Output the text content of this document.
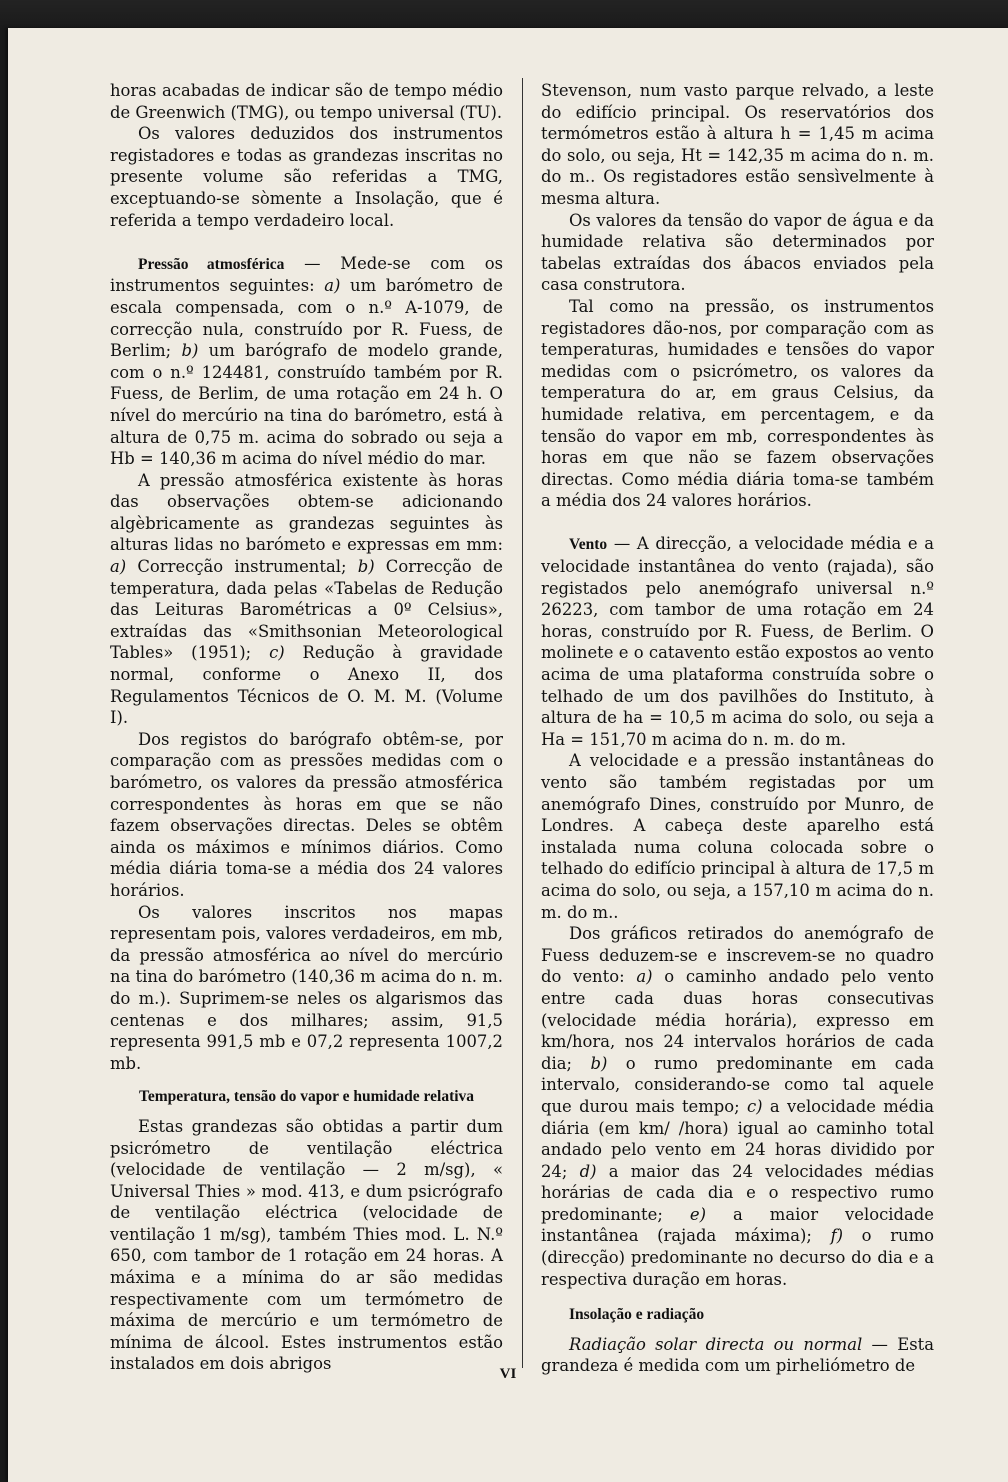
horas acabadas de indicar são de tempo médio de Greenwich (TMG), ou tempo universal (TU).

Os valores deduzidos dos instrumentos registadores e todas as grandezas inscritas no presente volume são referidas a TMG, exceptuando-se sòmente a Insolação, que é referida a tempo verdadeiro local.

Pressão atmosférica — Mede-se com os instrumentos seguintes: a) um barómetro de escala compensada, com o n.º A-1079, de correcção nula, construído por R. Fuess, de Berlim; b) um barógrafo de modelo grande, com o n.º 124481, construído também por R. Fuess, de Berlim, de uma rotação em 24 h. O nível do mercúrio na tina do barómetro, está à altura de 0,75 m. acima do sobrado ou seja a Hb = 140,36 m acima do nível médio do mar.

A pressão atmosférica existente às horas das observações obtem-se adicionando algèbricamente as grandezas seguintes às alturas lidas no barómeto e expressas em mm: a) Correcção instrumental; b) Correcção de temperatura, dada pelas «Tabelas de Redução das Leituras Barométricas a 0º Celsius», extraídas das «Smithsonian Meteorological Tables» (1951); c) Redução à gravidade normal, conforme o Anexo II, dos Regulamentos Técnicos de O. M. M. (Volume I).

Dos registos do barógrafo obtêm-se, por comparação com as pressões medidas com o barómetro, os valores da pressão atmosférica correspondentes às horas em que se não fazem observações directas. Deles se obtêm ainda os máximos e mínimos diários. Como média diária toma-se a média dos 24 valores horários.

Os valores inscritos nos mapas representam pois, valores verdadeiros, em mb, da pressão atmosférica ao nível do mercúrio na tina do barómetro (140,36 m acima do n. m. do m.). Suprimem-se neles os algarismos das centenas e dos milhares; assim, 91,5 representa 991,5 mb e 07,2 representa 1007,2 mb.

Temperatura, tensão do vapor e humidade relativa

Estas grandezas são obtidas a partir dum psicrómetro de ventilação eléctrica (velocidade de ventilação — 2 m/sg), « Universal Thies » mod. 413, e dum psicrógrafo de ventilação eléctrica (velocidade de ventilação 1 m/sg), também Thies mod. L. N.º 650, com tambor de 1 rotação em 24 horas. A máxima e a mínima do ar são medidas respectivamente com um termómetro de máxima de mercúrio e um termómetro de mínima de álcool. Estes instrumentos estão instalados em dois abrigos

Stevenson, num vasto parque relvado, a leste do edifício principal. Os reservatórios dos termómetros estão à altura h = 1,45 m acima do solo, ou seja, Ht = 142,35 m acima do n. m. do m.. Os registadores estão sensìvelmente à mesma altura.

Os valores da tensão do vapor de água e da humidade relativa são determinados por tabelas extraídas dos ábacos enviados pela casa construtora.

Tal como na pressão, os instrumentos registadores dão-nos, por comparação com as temperaturas, humidades e tensões do vapor medidas com o psicrómetro, os valores da temperatura do ar, em graus Celsius, da humidade relativa, em percentagem, e da tensão do vapor em mb, correspondentes às horas em que não se fazem observações directas. Como média diária toma-se também a média dos 24 valores horários.

Vento — A direcção, a velocidade média e a velocidade instantânea do vento (rajada), são registados pelo anemógrafo universal n.º 26223, com tambor de uma rotação em 24 horas, construído por R. Fuess, de Berlim. O molinete e o catavento estão expostos ao vento acima de uma plataforma construída sobre o telhado de um dos pavilhões do Instituto, à altura de ha = 10,5 m acima do solo, ou seja a Ha = 151,70 m acima do n. m. do m.

A velocidade e a pressão instantâneas do vento são também registadas por um anemógrafo Dines, construído por Munro, de Londres. A cabeça deste aparelho está instalada numa coluna colocada sobre o telhado do edifício principal à altura de 17,5 m acima do solo, ou seja, a 157,10 m acima do n. m. do m..

Dos gráficos retirados do anemógrafo de Fuess deduzem-se e inscrevem-se no quadro do vento: a) o caminho andado pelo vento entre cada duas horas consecutivas (velocidade média horária), expresso em km/hora, nos 24 intervalos horários de cada dia; b) o rumo predominante em cada intervalo, considerando-se como tal aquele que durou mais tempo; c) a velocidade média diária (em km/ /hora) igual ao caminho total andado pelo vento em 24 horas dividido por 24; d) a maior das 24 velocidades médias horárias de cada dia e o respectivo rumo predominante; e) a maior velocidade instantânea (rajada máxima); f) o rumo (direcção) predominante no decurso do dia e a respectiva duração em horas.

Insolação e radiação

Radiação solar directa ou normal — Esta grandeza é medida com um pirheliómetro de

VI
